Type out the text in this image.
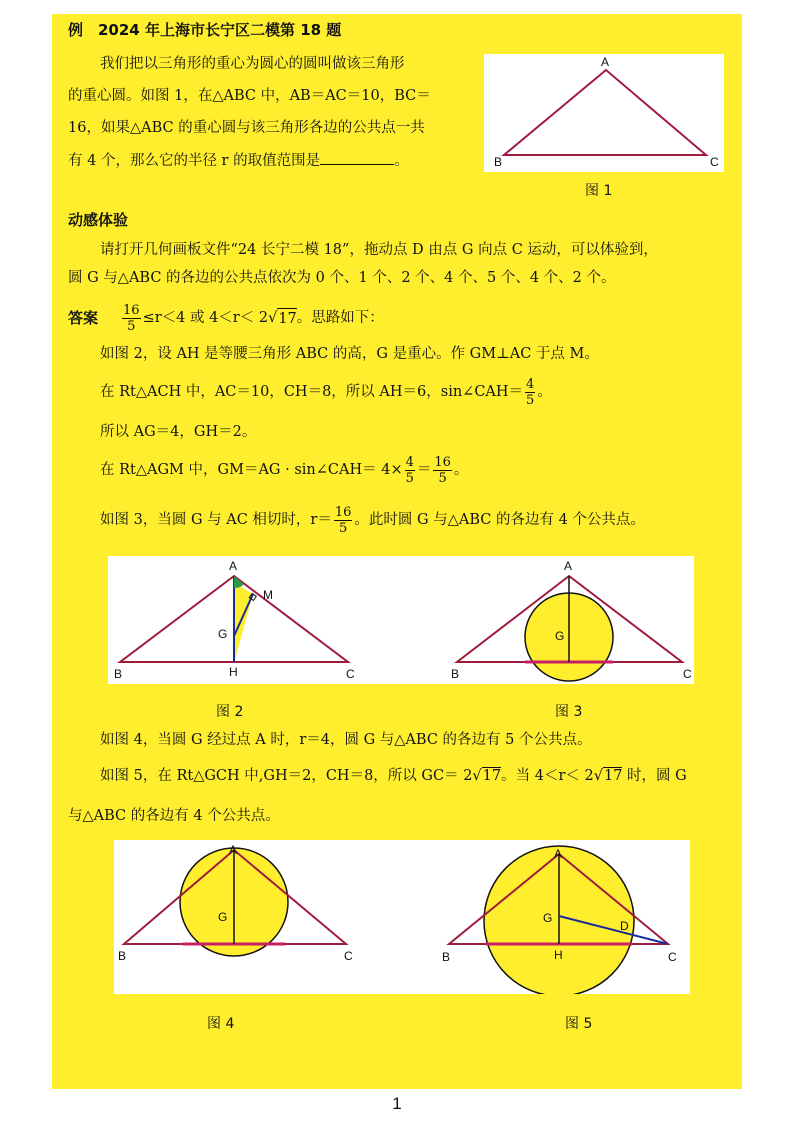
例　2024 年上海市长宁区二模第 18 题
我们把以三角形的重心为圆心的圆叫做该三角形
的重心圆。如图 1，在△ABC 中，AB＝AC＝10，BC＝
16，如果△ABC 的重心圆与该三角形各边的公共点一共
有 4 个，那么它的半径 r 的取值范围是	。
A
B	C
图 1
动感体验
请打开几何画板文件“24 长宁二模 18”，拖动点 D 由点 G 向点 C 运动，可以体验到，
圆 G 与△ABC 的各边的公共点依次为 0 个、1 个、2 个、4 个、5 个、4 个、2 个。
答案 $\frac{16}{5} \le r<4$ 或 4＜r＜ 2 √ 17 。思路如下：
如图 2，设 AH 是等腰三角形 ABC 的高，G 是重心。作 GM⊥AC 于点 M。
在 Rt△ACH 中，AC＝10，CH＝8，所以 AH＝6，sin∠CAH＝ $\frac{4}{5}$ 。
所以 AG＝4，GH＝2。
在 Rt△AGM 中，GM＝AG · sin∠CAH＝ $4\times \frac{4}{5} = \frac{16}{5}$ 。
如图 3，当圆 G 与 AC 相切时，$r= \frac{16}{5}$ 。此时圆 G 与△ABC 的各边有 4 个公共点。
A
B	C
G
H
M
A
B	C
G
图 2	图 3
如图 4，当圆 G 经过点 A 时，r＝4，圆 G 与△ABC 的各边有 5 个公共点。
如图 5，在 Rt△GCH 中,GH＝2，CH＝8，所以 GC＝ 2√17。当 4＜r＜ 2√17 时，圆 G
与△ABC 的各边有 4 个公共点。
A
B	C
G
A
B	C
G
H
D
图 4	图 5
1
